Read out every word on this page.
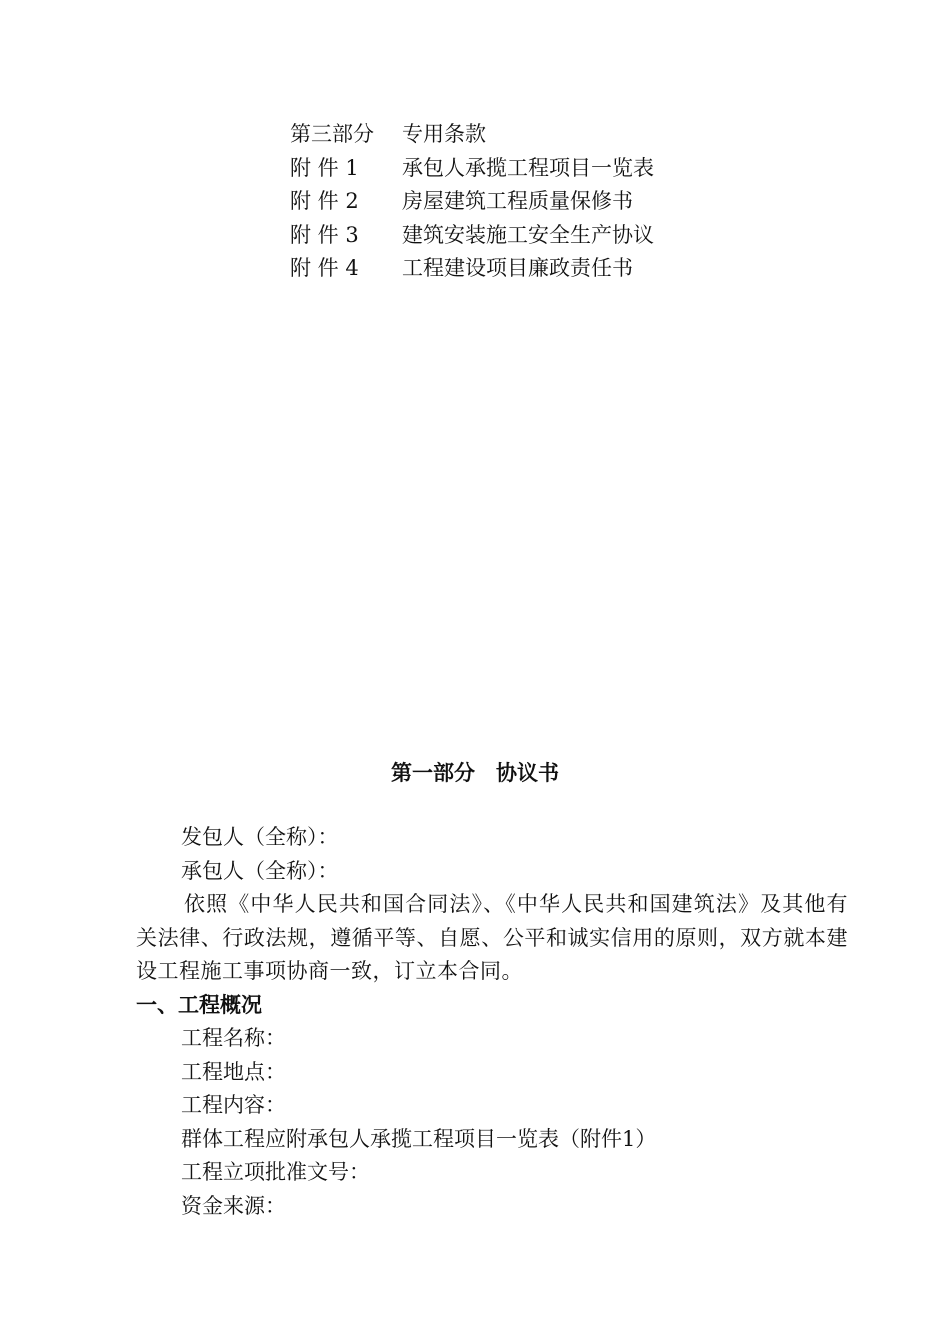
第三部分 专用条款
附 件 1 承包人承揽工程项目一览表
附 件 2 房屋建筑工程质量保修书
附 件 3 建筑安装施工安全生产协议
附 件 4 工程建设项目廉政责任书
第一部分　协议书
发包人（全称）：
承包人（全称）：
依照《中华人民共和国合同法》、《中华人民共和国建筑法》及其他有关法律、行政法规，遵循平等、自愿、公平和诚实信用的原则，双方就本建设工程施工事项协商一致，订立本合同。
一、工程概况
工程名称：
工程地点：
工程内容：
群体工程应附承包人承揽工程项目一览表（附件1）
工程立项批准文号：
资金来源：
